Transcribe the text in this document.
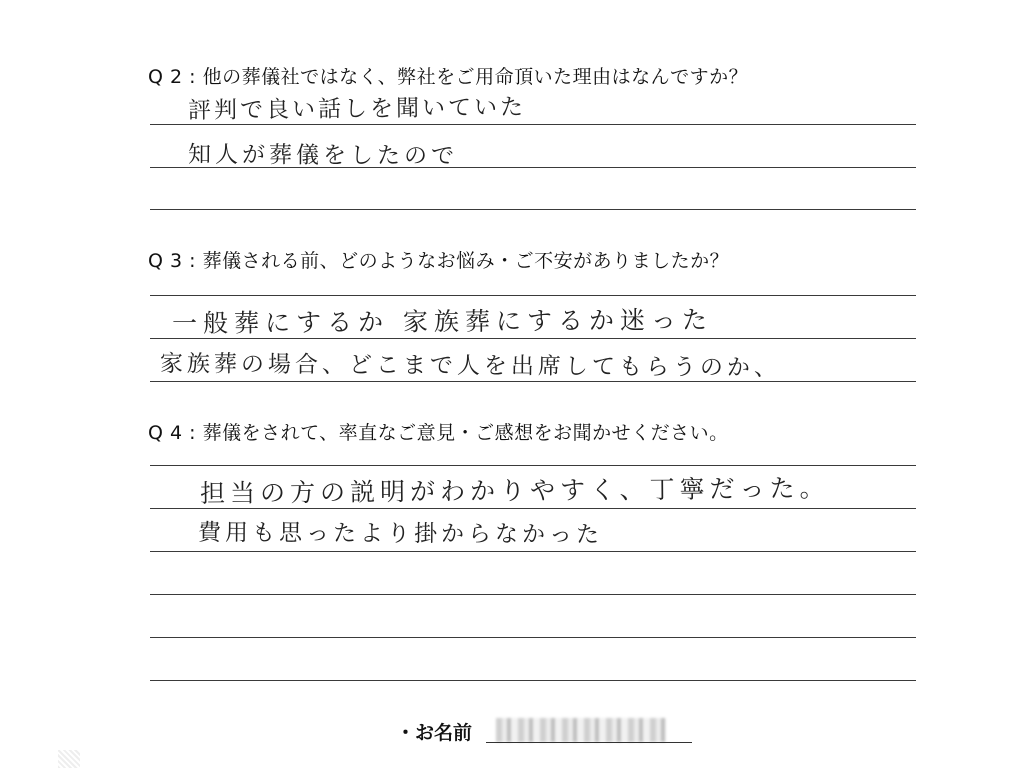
Q 2 : 他の葬儀社ではなく、弊社をご用命頂いた理由はなんですか？
評判で良い話しを聞いていた
知人が葬儀をしたので
Q 3 : 葬儀される前、どのようなお悩み・ご不安がありましたか？
一般葬にするか 家族葬にするか迷った
家族葬の場合、どこまで人を出席してもらうのか、
Q 4 : 葬儀をされて、率直なご意見・ご感想をお聞かせください。
担当の方の説明がわかりやすく、丁寧だった。
費用も思ったより掛からなかった
・お名前
